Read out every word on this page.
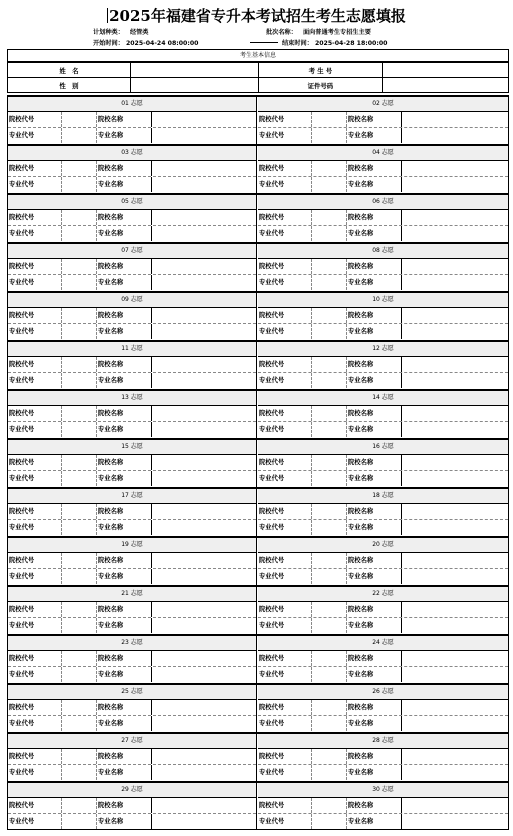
2025年福建省专升本考试招生考生志愿填报
计划种类： 经管类	批次名称： 面向普通考生专招生主要
开始时间： 2025-04-24 08:00:00	结束时间： 2025-04-28 18:00:00
考生基本信息
姓　名		考 生 号	
性　别		证件号码	
01 志愿
院校代号	院校名称
专业代号	专业名称
02 志愿
院校代号	院校名称
专业代号	专业名称
03 志愿
院校代号	院校名称
专业代号	专业名称
04 志愿
院校代号	院校名称
专业代号	专业名称
05 志愿
院校代号	院校名称
专业代号	专业名称
06 志愿
院校代号	院校名称
专业代号	专业名称
07 志愿
院校代号	院校名称
专业代号	专业名称
08 志愿
院校代号	院校名称
专业代号	专业名称
09 志愿
院校代号	院校名称
专业代号	专业名称
10 志愿
院校代号	院校名称
专业代号	专业名称
11 志愿
院校代号	院校名称
专业代号	专业名称
12 志愿
院校代号	院校名称
专业代号	专业名称
13 志愿
院校代号	院校名称
专业代号	专业名称
14 志愿
院校代号	院校名称
专业代号	专业名称
15 志愿
院校代号	院校名称
专业代号	专业名称
16 志愿
院校代号	院校名称
专业代号	专业名称
17 志愿
院校代号	院校名称
专业代号	专业名称
18 志愿
院校代号	院校名称
专业代号	专业名称
19 志愿
院校代号	院校名称
专业代号	专业名称
20 志愿
院校代号	院校名称
专业代号	专业名称
21 志愿
院校代号	院校名称
专业代号	专业名称
22 志愿
院校代号	院校名称
专业代号	专业名称
23 志愿
院校代号	院校名称
专业代号	专业名称
24 志愿
院校代号	院校名称
专业代号	专业名称
25 志愿
院校代号	院校名称
专业代号	专业名称
26 志愿
院校代号	院校名称
专业代号	专业名称
27 志愿
院校代号	院校名称
专业代号	专业名称
28 志愿
院校代号	院校名称
专业代号	专业名称
29 志愿
院校代号	院校名称
专业代号	专业名称
30 志愿
院校代号	院校名称
专业代号	专业名称
